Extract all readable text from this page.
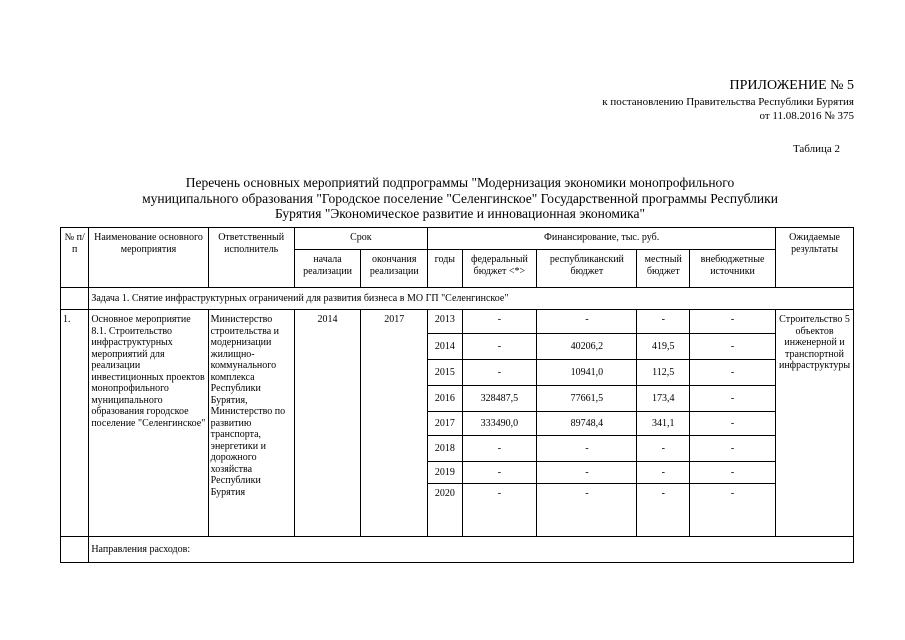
ПРИЛОЖЕНИЕ № 5
к постановлению Правительства Республики Бурятия
от 11.08.2016 № 375
Таблица 2
Перечень основных мероприятий подпрограммы "Модернизация экономики монопрофильного
муниципального образования "Городское поселение "Селенгинское" Государственной программы Республики
Бурятия "Экономическое развитие и инновационная экономика"
№ п/п	Наименование основного мероприятия	Ответственный исполнитель	Срок		Финансирование, тыс. руб.					Ожидаемые результаты
			начала реализации	окончания реализации	годы	федеральный бюджет <*>	республиканский бюджет	местный бюджет	внебюджетные источники	
	Задача 1. Снятие инфраструктурных ограничений для развития бизнеса в МО ГП "Селенгинское"									
1.	Основное мероприятие 8.1. Строительство инфраструктурных мероприятий для реализации инвестиционных проектов монопрофильного муниципального образования городское поселение "Селенгинское"	Министерство строительства и модернизации жилищно-коммунального комплекса Республики Бурятия, Министерство по развитию транспорта, энергетики и дорожного хозяйства Республики Бурятия	2014	2017	2013	-	-	-	-	Строительство 5 объектов инженерной и транспортной инфраструктуры
					2014	-	40206,2	419,5	-	
					2015	-	10941,0	112,5	-	
					2016	328487,5	77661,5	173,4	-	
					2017	333490,0	89748,4	341,1	-	
					2018	-	-	-	-	
					2019	-	-	-	-	
					2020	-	-	-	-	
	Направления расходов:									
